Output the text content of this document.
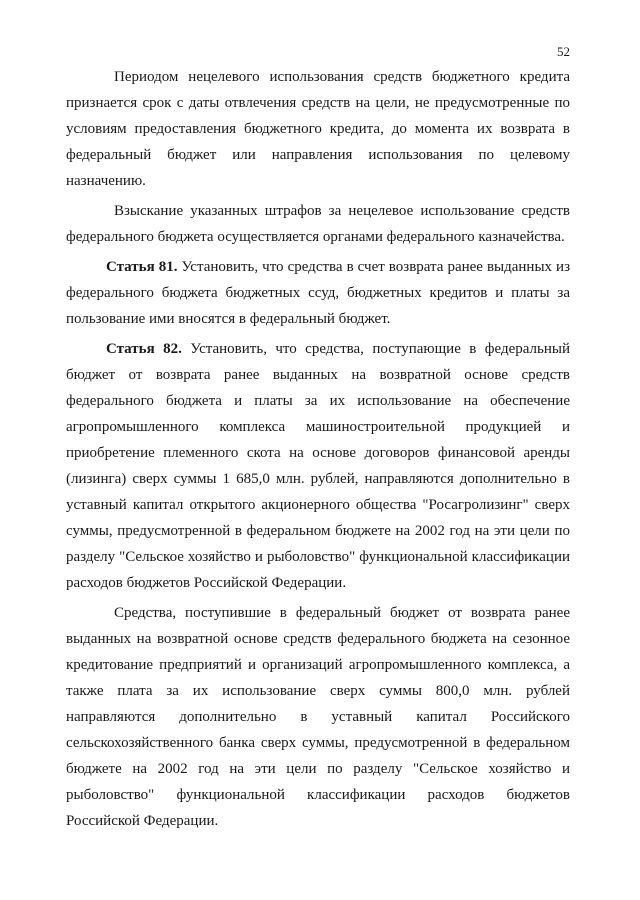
52

Периодом нецелевого использования средств бюджетного кредита признается срок с даты отвлечения средств на цели, не предусмотренные по условиям предоставления бюджетного кредита, до момента их возврата в федеральный бюджет или направления использования по целевому назначению.

Взыскание указанных штрафов за нецелевое использование средств федерального бюджета осуществляется органами федерального казначейства.

Статья 81. Установить, что средства в счет возврата ранее выданных из федерального бюджета бюджетных ссуд, бюджетных кредитов и платы за пользование ими вносятся в федеральный бюджет.

Статья 82. Установить, что средства, поступающие в федеральный бюджет от возврата ранее выданных на возвратной основе средств федерального бюджета и платы за их использование на обеспечение агропромышленного комплекса машиностроительной продукцией и приобретение племенного скота на основе договоров финансовой аренды (лизинга) сверх суммы 1 685,0 млн. рублей, направляются дополнительно в уставный капитал открытого акционерного общества "Росагролизинг" сверх суммы, предусмотренной в федеральном бюджете на 2002 год на эти цели по разделу "Сельское хозяйство и рыболовство" функциональной классификации расходов бюджетов Российской Федерации.

Средства, поступившие в федеральный бюджет от возврата ранее выданных на возвратной основе средств федерального бюджета на сезонное кредитование предприятий и организаций агропромышленного комплекса, а также плата за их использование сверх суммы 800,0 млн. рублей направляются дополнительно в уставный капитал Российского сельскохозяйственного банка сверх суммы, предусмотренной в федеральном бюджете на 2002 год на эти цели по разделу "Сельское хозяйство и рыболовство" функциональной классификации расходов бюджетов Российской Федерации.
